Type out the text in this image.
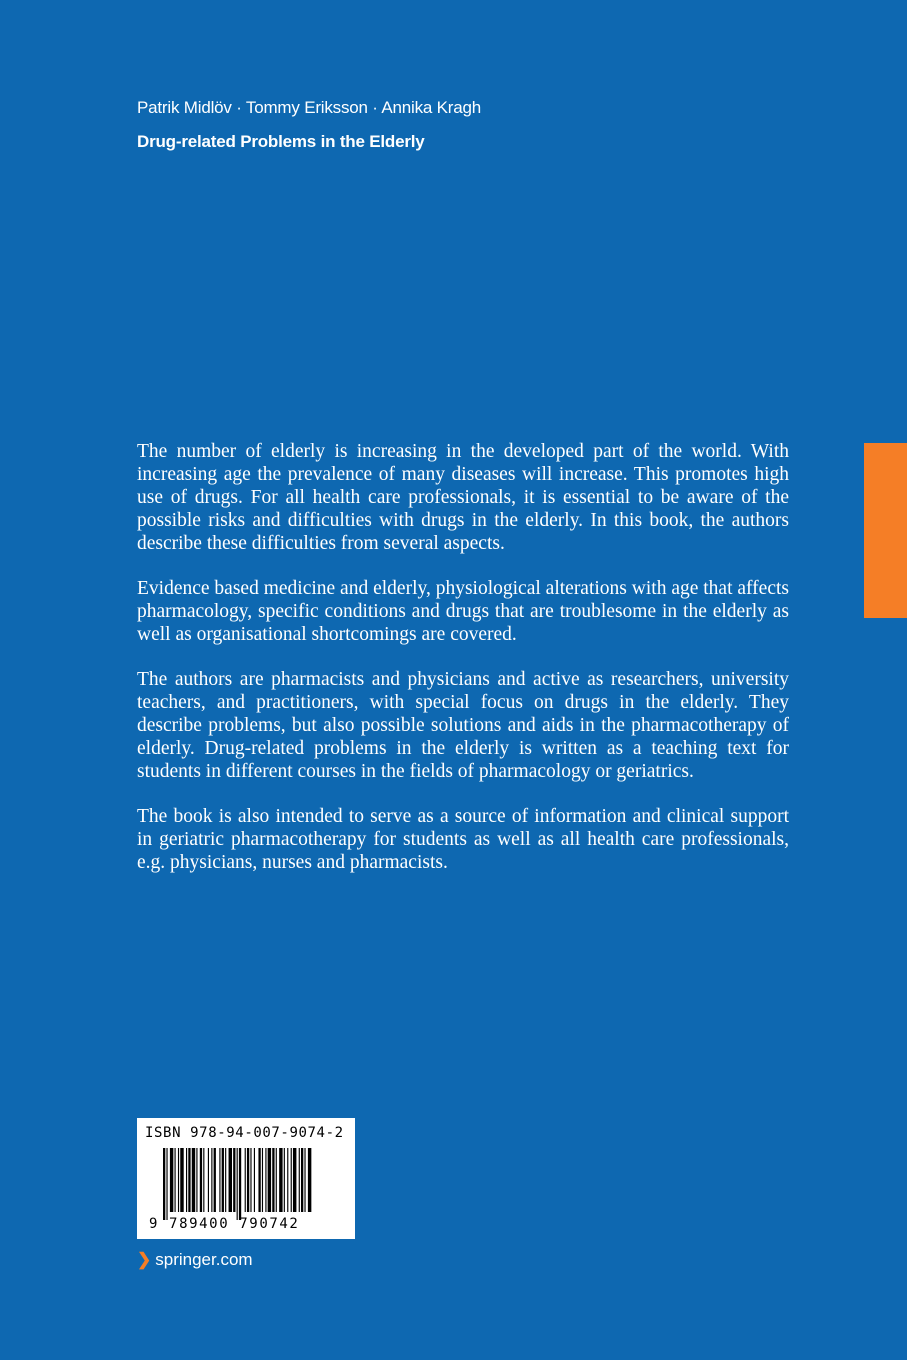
Patrik Midlöv · Tommy Eriksson · Annika Kragh
Drug-related Problems in the Elderly

The number of elderly is increasing in the developed part of the world. With increasing age the prevalence of many diseases will increase. This promotes high use of drugs. For all health care professionals, it is essential to be aware of the possible risks and difficulties with drugs in the elderly. In this book, the authors describe these difficulties from several aspects.

Evidence based medicine and elderly, physiological alterations with age that affects pharmacology, specific conditions and drugs that are troublesome in the elderly as well as organisational shortcomings are covered.

The authors are pharmacists and physicians and active as researchers, university teachers, and practitioners, with special focus on drugs in the elderly. They describe problems, but also possible solutions and aids in the pharmacotherapy of elderly. Drug-related problems in the elderly is written as a teaching text for students in different courses in the fields of pharmacology or geriatrics.

The book is also intended to serve as a source of information and clinical support in geriatric pharmacotherapy for students as well as all health care professionals, e.g. physicians, nurses and pharmacists.

ISBN 978-94-007-9074-2
9 789400 790742
❯ springer.com
